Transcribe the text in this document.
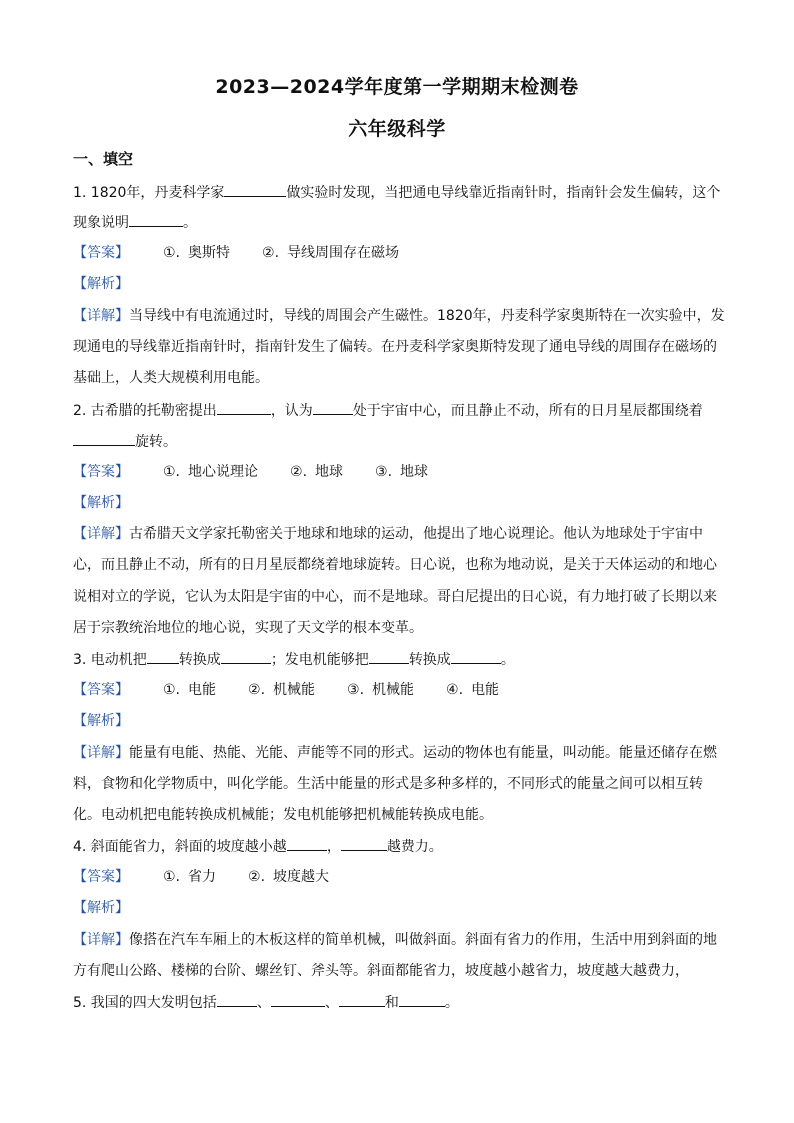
2023—2024学年度第一学期期末检测卷
六年级科学
一、填空
1. 1820年，丹麦科学家	做实验时发现，当把通电导线靠近指南针时，指南针会发生偏转，这个
现象说明	。
【答案】 ①. 奥斯特 ②. 导线周围存在磁场
【解析】
【详解】当导线中有电流通过时，导线的周围会产生磁性。1820年，丹麦科学家奥斯特在一次实验中，发
现通电的导线靠近指南针时，指南针发生了偏转。在丹麦科学家奥斯特发现了通电导线的周围存在磁场的
基础上，人类大规模利用电能。
2. 古希腊的托勒密提出	，认为	处于宇宙中心，而且静止不动，所有的日月星辰都围绕着
旋转。
【答案】 ①. 地心说理论 ②. 地球 ③. 地球
【解析】
【详解】古希腊天文学家托勒密关于地球和地球的运动，他提出了地心说理论。他认为地球处于宇宙中
心，而且静止不动，所有的日月星辰都绕着地球旋转。日心说，也称为地动说，是关于天体运动的和地心
说相对立的学说，它认为太阳是宇宙的中心，而不是地球。哥白尼提出的日心说，有力地打破了长期以来
居于宗教统治地位的地心说，实现了天文学的根本变革。
3. 电动机把 转换成	；发电机能够把	转换成	。
【答案】 ①. 电能 ②. 机械能 ③. 机械能 ④. 电能
【解析】
【详解】能量有电能、热能、光能、声能等不同的形式。运动的物体也有能量，叫动能。能量还储存在燃
料，食物和化学物质中，叫化学能。生活中能量的形式是多种多样的，不同形式的能量之间可以相互转
化。电动机把电能转换成机械能；发电机能够把机械能转换成电能。
4. 斜面能省力，斜面的坡度越小越	，	越费力。
【答案】 ①. 省力 ②. 坡度越大
【解析】
【详解】像搭在汽车车厢上的木板这样的简单机械，叫做斜面。斜面有省力的作用，生活中用到斜面的地
方有爬山公路、楼梯的台阶、螺丝钉、斧头等。斜面都能省力，坡度越小越省力，坡度越大越费力，
5. 我国的四大发明包括	、	、	和	。
